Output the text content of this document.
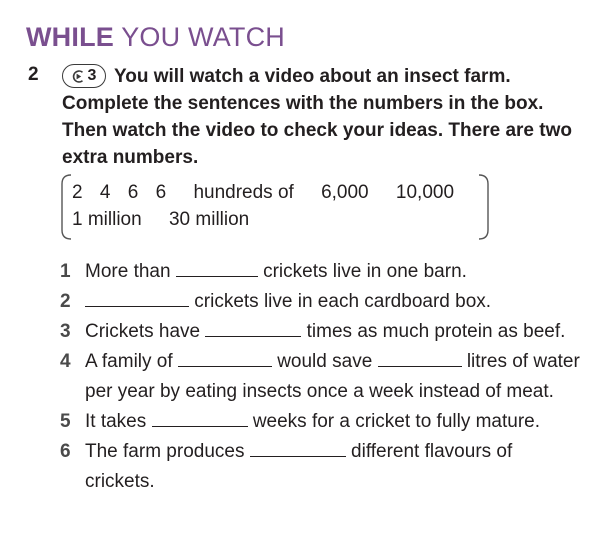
WHILE YOU WATCH
2	3 You will watch a video about an insect farm. Complete the sentences with the numbers in the box. Then watch the video to check your ideas. There are two extra numbers.
2 4 6 6 hundreds of 6,000 10,000
1 million 30 million
1 More than	crickets live in one barn.
2	crickets live in each cardboard box.
3 Crickets have	times as much protein as beef.
4 A family of	would save	litres of water per year by eating insects once a week instead of meat.
5 It takes	weeks for a cricket to fully mature.
6 The farm produces	different flavours of crickets.
